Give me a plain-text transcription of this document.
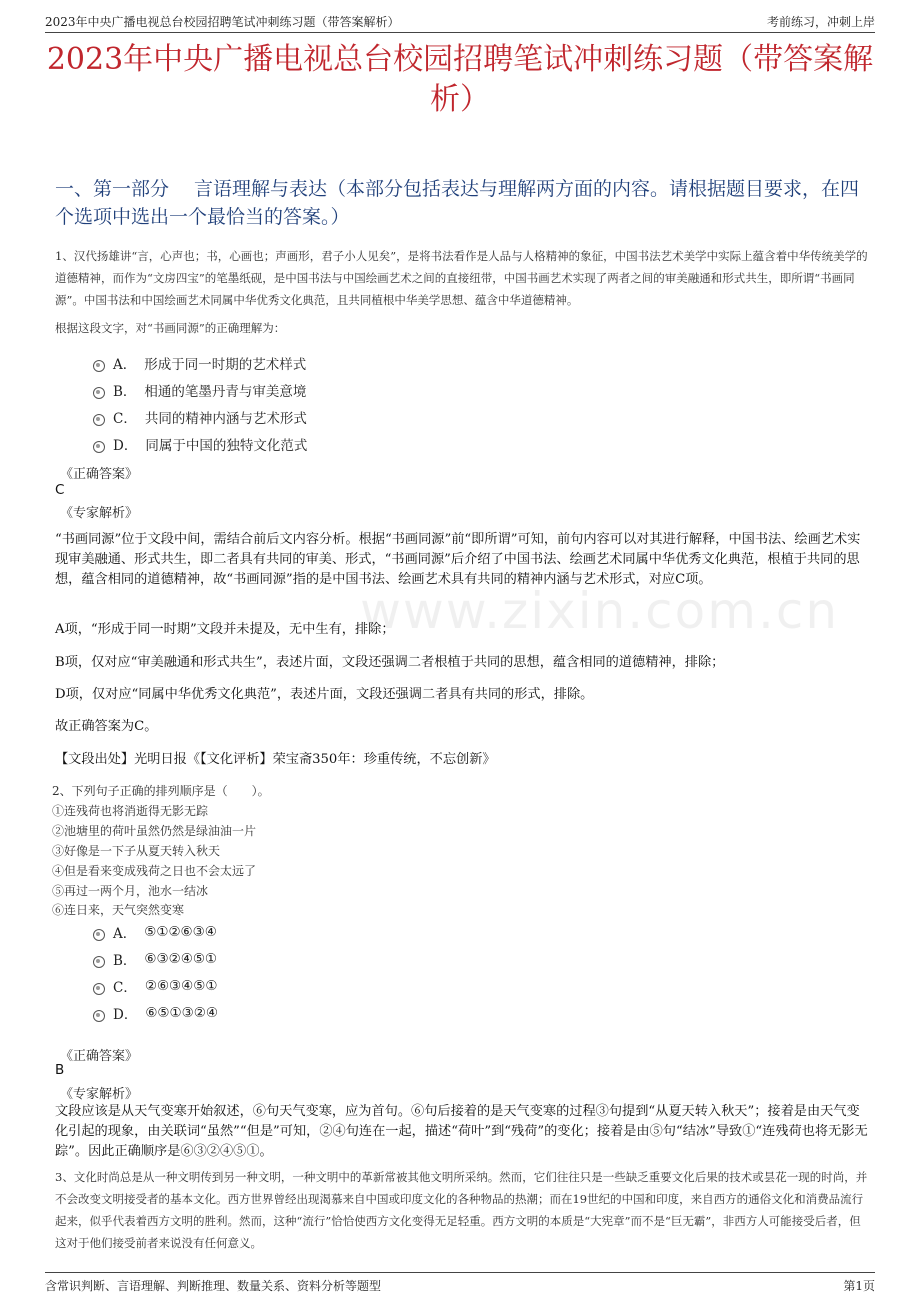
2023年中央广播电视总台校园招聘笔试冲刺练习题（带答案解析）	考前练习，冲刺上岸
www.zixin.com.cn
2023年中央广播电视总台校园招聘笔试冲刺练习题（带答案解析）
一、第一部分　 言语理解与表达（本部分包括表达与理解两方面的内容。请根据题目要求，在四个选项中选出一个最恰当的答案。）
1、汉代扬雄讲“言，心声也；书，心画也；声画形，君子小人见矣”，是将书法看作是人品与人格精神的象征，中国书法艺术美学中实际上蕴含着中华传统美学的道德精神，而作为“文房四宝”的笔墨纸砚，是中国书法与中国绘画艺术之间的直接纽带，中国书画艺术实现了两者之间的审美融通和形式共生，即所谓“书画同源”。中国书法和中国绘画艺术同属中华优秀文化典范，且共同植根中华美学思想、蕴含中华道德精神。
根据这段文字，对“书画同源”的正确理解为：
A． 形成于同一时期的艺术样式
B． 相通的笔墨丹青与审美意境
C． 共同的精神内涵与艺术形式
D． 同属于中国的独特文化范式
《正确答案》
C
《专家解析》
“书画同源”位于文段中间，需结合前后文内容分析。根据“书画同源”前“即所谓”可知，前句内容可以对其进行解释，中国书法、绘画艺术实现审美融通、形式共生，即二者具有共同的审美、形式，“书画同源”后介绍了中国书法、绘画艺术同属中华优秀文化典范，根植于共同的思想，蕴含相同的道德精神，故“书画同源”指的是中国书法、绘画艺术具有共同的精神内涵与艺术形式，对应C项。
A项，“形成于同一时期”文段并未提及，无中生有，排除；
B项，仅对应“审美融通和形式共生”，表述片面，文段还强调二者根植于共同的思想，蕴含相同的道德精神，排除；
D项，仅对应“同属中华优秀文化典范”，表述片面，文段还强调二者具有共同的形式，排除。
故正确答案为C。
【文段出处】光明日报《【文化评析】荣宝斋350年：珍重传统，不忘创新》
2、下列句子正确的排列顺序是（　　）。
①连残荷也将消逝得无影无踪
②池塘里的荷叶虽然仍然是绿油油一片
③好像是一下子从夏天转入秋天
④但是看来变成残荷之日也不会太远了
⑤再过一两个月，池水一结冰
⑥连日来，天气突然变寒
A． ⑤①②⑥③④
B． ⑥③②④⑤①
C． ②⑥③④⑤①
D． ⑥⑤①③②④
《正确答案》
B
《专家解析》
文段应该是从天气变寒开始叙述，⑥句天气变寒，应为首句。⑥句后接着的是天气变寒的过程③句提到“从夏天转入秋天”；接着是由天气变化引起的现象，由关联词“虽然”“但是”可知，②④句连在一起，描述“荷叶”到“残荷”的变化；接着是由⑤句“结冰”导致①“连残荷也将无影无踪”。因此正确顺序是⑥③②④⑤①。
3、文化时尚总是从一种文明传到另一种文明，一种文明中的革新常被其他文明所采纳。然而，它们往往只是一些缺乏重要文化后果的技术或昙花一现的时尚，并不会改变文明接受者的基本文化。西方世界曾经出现渴慕来自中国或印度文化的各种物品的热潮；而在19世纪的中国和印度，来自西方的通俗文化和消费品流行起来，似乎代表着西方文明的胜利。然而，这种“流行”恰恰使西方文化变得无足轻重。西方文明的本质是“大宪章”而不是“巨无霸”，非西方人可能接受后者，但这对于他们接受前者来说没有任何意义。
含常识判断、言语理解、判断推理、数量关系、资料分析等题型	第1页
